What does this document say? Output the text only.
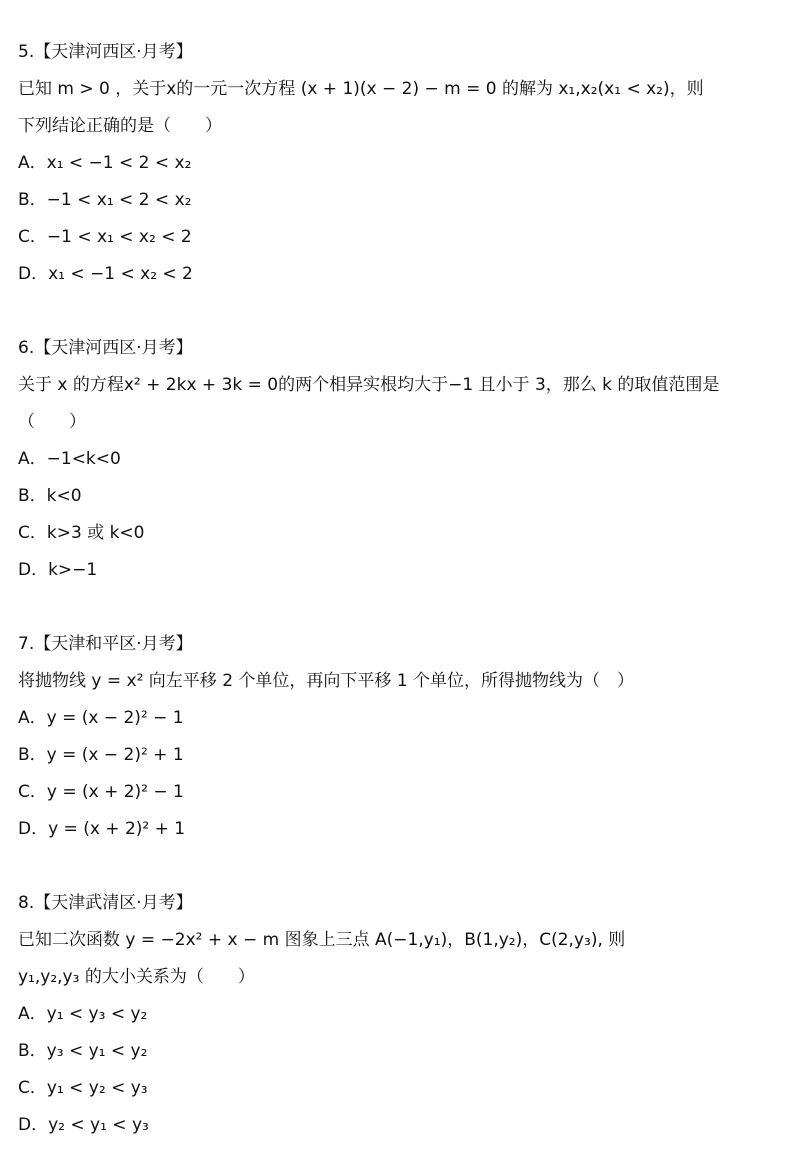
5.【天津河西区·月考】
已知 m > 0 ，关于x的一元一次方程 (x + 1)(x − 2) − m = 0 的解为 x₁,x₂(x₁ < x₂)，则
下列结论正确的是（　　）
A．x₁ < −1 < 2 < x₂
B．−1 < x₁ < 2 < x₂
C．−1 < x₁ < x₂ < 2
D．x₁ < −1 < x₂ < 2
6.【天津河西区·月考】
关于 x 的方程x² + 2kx + 3k = 0的两个相异实根均大于−1 且小于 3，那么 k 的取值范围是
（　　）
A．−1<k<0
B．k<0
C．k>3 或 k<0
D．k>−1
7.【天津和平区·月考】
将抛物线 y = x² 向左平移 2 个单位，再向下平移 1 个单位，所得抛物线为（　）
A．y = (x − 2)² − 1
B．y = (x − 2)² + 1
C．y = (x + 2)² − 1
D．y = (x + 2)² + 1
8.【天津武清区·月考】
已知二次函数 y = −2x² + x − m 图象上三点 A(−1,y₁)，B(1,y₂)，C(2,y₃), 则
y₁,y₂,y₃ 的大小关系为（　　）
A．y₁ < y₃ < y₂
B．y₃ < y₁ < y₂
C．y₁ < y₂ < y₃
D．y₂ < y₁ < y₃
